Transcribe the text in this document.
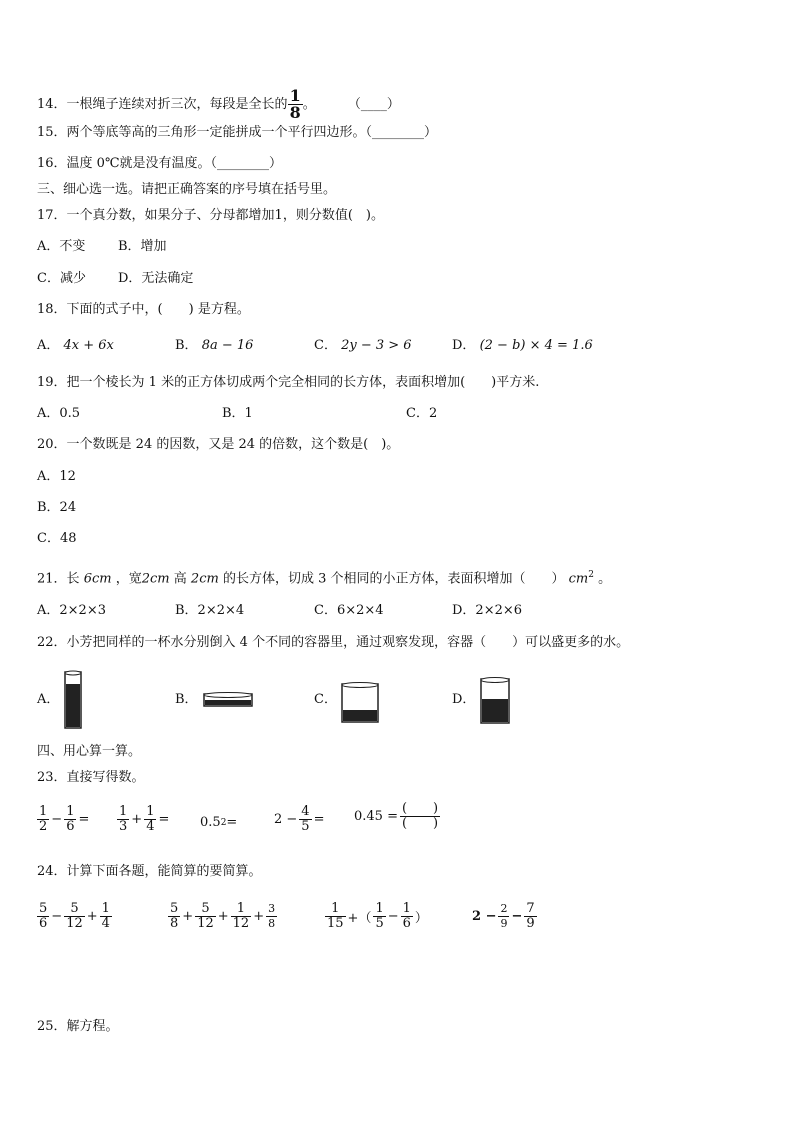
14．一根绳子连续对折三次，每段是全长的 $\frac{1}{8}$ 。 （____）
15．两个等底等高的三角形一定能拼成一个平行四边形。（________）
16．温度 0℃就是没有温度。（________）
三、细心选一选。请把正确答案的序号填在括号里。
17．一个真分数，如果分子、分母都增加1，则分数值(　)。
A．不变	B．增加
C．减少 D．无法确定
18．下面的式子中，(　　) 是方程。
A． 4x + 6x	B． 8a − 16	C． 2y − 3 > 6	D． (2 − b) × 4 = 1.6
19．把一个棱长为 1 米的正方体切成两个完全相同的长方体，表面积增加(　　)平方米.
A．0.5	B．1	C．2
20．一个数既是 24 的因数，又是 24 的倍数，这个数是(　)。
A．12
B．24
C．48
21．长 6cm ，宽2cm 高 2cm 的长方体，切成 3 个相同的小正方体，表面积增加（　　） $cm^2$ 。
A．2×2×3	B．2×2×4	C．6×2×4	D．2×2×6
22．小芳把同样的一杯水分别倒入 4 个不同的容器里，通过观察发现，容器（　　）可以盛更多的水。
A．	B．	C．	D．
四、用心算一算。
23．直接写得数。
$\frac{1}{2} - \frac{1}{6} = \frac{1}{3} + \frac{1}{4} = 0.5$ 2 =	$2 - \frac{4}{5} = 0.45 = \frac{( )}{( )}$
24．计算下面各题，能简算的要简算。
$\frac{5}{6} - \frac{5}{12} + \frac{1}{4}$	$\frac{5}{8} + \frac{5}{12} + \frac{1}{12} + \frac{3}{8}$	$\frac{1}{15}$ +（ $\frac{1}{5} - \frac{1}{6}$ ）	$2 - \frac{2}{9} - \frac{7}{9}$
25．解方程。
